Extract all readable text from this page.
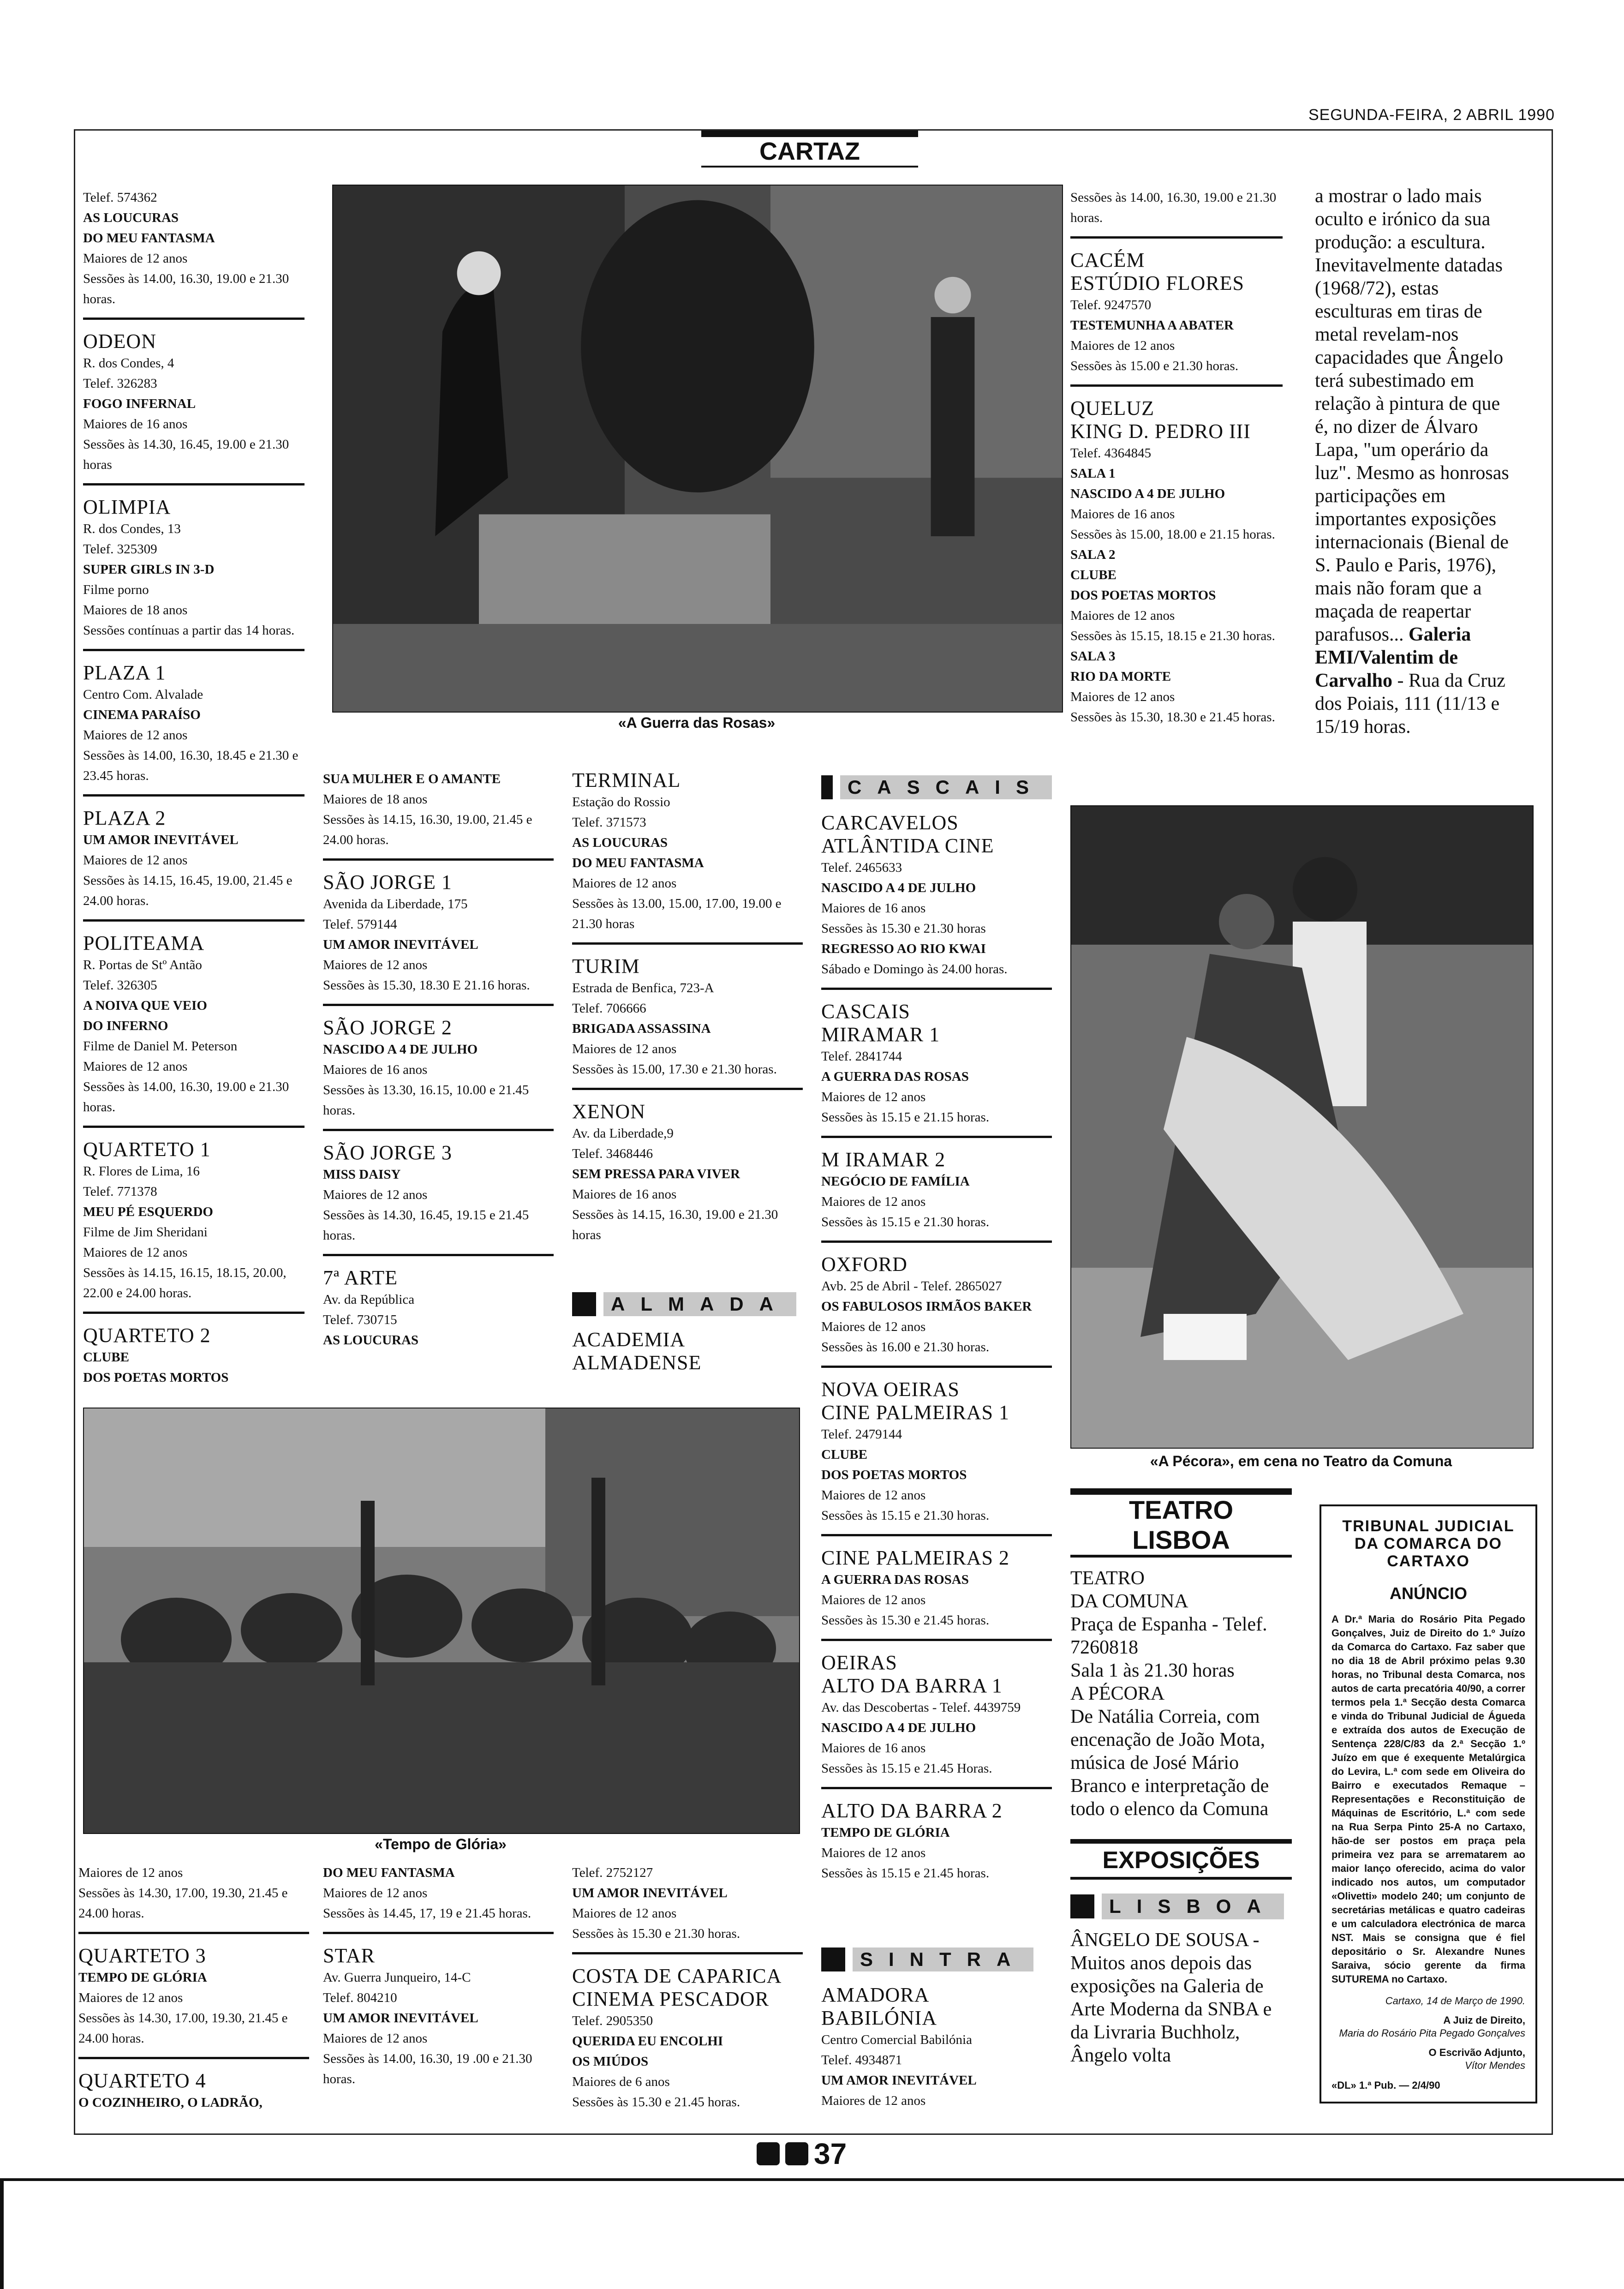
SEGUNDA-FEIRA, 2 ABRIL 1990
CARTAZ
Telef. 574362
AS LOUCURAS
DO MEU FANTASMA
Maiores de 12 anos
Sessões às 14.00, 16.30, 19.00 e 21.30 horas.
ODEON
R. dos Condes, 4
Telef. 326283
FOGO INFERNAL
Maiores de 16 anos
Sessões às 14.30, 16.45, 19.00 e 21.30 horas
OLIMPIA
R. dos Condes, 13
Telef. 325309
SUPER GIRLS IN 3-D
Filme porno
Maiores de 18 anos
Sessões contínuas a partir das 14 horas.
PLAZA 1
Centro Com. Alvalade
CINEMA PARAÍSO
Maiores de 12 anos
Sessões às 14.00, 16.30, 18.45 e 21.30 e 23.45 horas.
PLAZA 2
UM AMOR INEVITÁVEL
Maiores de 12 anos
Sessões às 14.15, 16.45, 19.00, 21.45 e 24.00 horas.
POLITEAMA
R. Portas de Stº Antão
Telef. 326305
A NOIVA QUE VEIO
DO INFERNO
Filme de Daniel M. Peterson
Maiores de 12 anos
Sessões às 14.00, 16.30, 19.00 e 21.30 horas.
QUARTETO 1
R. Flores de Lima, 16
Telef. 771378
MEU PÉ ESQUERDO
Filme de Jim Sheridani
Maiores de 12 anos
Sessões às 14.15, 16.15, 18.15, 20.00, 22.00 e 24.00 horas.
QUARTETO 2
CLUBE
DOS POETAS MORTOS
«A Guerra das Rosas»
Sessões às 14.00, 16.30, 19.00 e 21.30 horas.
CACÉM
ESTÚDIO FLORES
Telef. 9247570
TESTEMUNHA A ABATER
Maiores de 12 anos
Sessões às 15.00 e 21.30 horas.
QUELUZ
KING D. PEDRO III
Telef. 4364845
SALA 1
NASCIDO A 4 DE JULHO
Maiores de 16 anos
Sessões às 15.00, 18.00 e 21.15 horas.
SALA 2
CLUBE
DOS POETAS MORTOS
Maiores de 12 anos
Sessões às 15.15, 18.15 e 21.30 horas.
SALA 3
RIO DA MORTE
Maiores de 12 anos
Sessões às 15.30, 18.30 e 21.45 horas.
a mostrar o lado mais oculto e irónico da sua produção: a escultura. Inevitavelmente datadas (1968/72), estas esculturas em tiras de metal revelam-nos capacidades que Ângelo terá subestimado em relação à pintura de que é, no dizer de Álvaro Lapa, "um operário da luz". Mesmo as honrosas participações em importantes exposições internacionais (Bienal de S. Paulo e Paris, 1976), mais não foram que a maçada de reapertar parafusos... Galeria EMI/Valentim de Carvalho - Rua da Cruz dos Poiais, 111 (11/13 e 15/19 horas.
«A Pécora», em cena no Teatro da Comuna
SUA MULHER E O AMANTE
Maiores de 18 anos
Sessões às 14.15, 16.30, 19.00, 21.45 e 24.00 horas.
SÃO JORGE 1
Avenida da Liberdade, 175
Telef. 579144
UM AMOR INEVITÁVEL
Maiores de 12 anos
Sessões às 15.30, 18.30 E 21.16 horas.
SÃO JORGE 2
NASCIDO A 4 DE JULHO
Maiores de 16 anos
Sessões às 13.30, 16.15, 10.00 e 21.45 horas.
SÃO JORGE 3
MISS DAISY
Maiores de 12 anos
Sessões às 14.30, 16.45, 19.15 e 21.45 horas.
7ª ARTE
Av. da República
Telef. 730715
AS LOUCURAS
TERMINAL
Estação do Rossio
Telef. 371573
AS LOUCURAS
DO MEU FANTASMA
Maiores de 12 anos
Sessões às 13.00, 15.00, 17.00, 19.00 e 21.30 horas
TURIM
Estrada de Benfica, 723-A
Telef. 706666
BRIGADA ASSASSINA
Maiores de 12 anos
Sessões às 15.00, 17.30 e 21.30 horas.
XENON
Av. da Liberdade,9
Telef. 3468446
SEM PRESSA PARA VIVER
Maiores de 16 anos
Sessões às 14.15, 16.30, 19.00 e 21.30 horas
ALMADA
ACADEMIA
ALMADENSE
CASCAIS
CARCAVELOS
ATLÂNTIDA CINE
Telef. 2465633
NASCIDO A 4 DE JULHO
Maiores de 16 anos
Sessões às 15.30 e 21.30 horas
REGRESSO AO RIO KWAI
Sábado e Domingo às 24.00 horas.
CASCAIS
MIRAMAR 1
Telef. 2841744
A GUERRA DAS ROSAS
Maiores de 12 anos
Sessões às 15.15 e 21.15 horas.
M IRAMAR 2
NEGÓCIO DE FAMÍLIA
Maiores de 12 anos
Sessões às 15.15 e 21.30 horas.
OXFORD
Avb. 25 de Abril - Telef. 2865027
OS FABULOSOS IRMÃOS BAKER
Maiores de 12 anos
Sessões às 16.00 e 21.30 horas.
NOVA OEIRAS
CINE PALMEIRAS 1
Telef. 2479144
CLUBE
DOS POETAS MORTOS
Maiores de 12 anos
Sessões às 15.15 e 21.30 horas.
CINE PALMEIRAS 2
A GUERRA DAS ROSAS
Maiores de 12 anos
Sessões às 15.30 e 21.45 horas.
OEIRAS
ALTO DA BARRA 1
Av. das Descobertas - Telef. 4439759
NASCIDO A 4 DE JULHO
Maiores de 16 anos
Sessões às 15.15 e 21.45 Horas.
ALTO DA BARRA 2
TEMPO DE GLÓRIA
Maiores de 12 anos
Sessões às 15.15 e 21.45 horas.
«Tempo de Glória»
Maiores de 12 anos
Sessões às 14.30, 17.00, 19.30, 21.45 e 24.00 horas.
QUARTETO 3
TEMPO DE GLÓRIA
Maiores de 12 anos
Sessões às 14.30, 17.00, 19.30, 21.45 e 24.00 horas.
QUARTETO 4
O COZINHEIRO, O LADRÃO,
DO MEU FANTASMA
Maiores de 12 anos
Sessões às 14.45, 17, 19 e 21.45 horas.
STAR
Av. Guerra Junqueiro, 14-C
Telef. 804210
UM AMOR INEVITÁVEL
Maiores de 12 anos
Sessões às 14.00, 16.30, 19 .00 e 21.30 horas.
Telef. 2752127
UM AMOR INEVITÁVEL
Maiores de 12 anos
Sessões às 15.30 e 21.30 horas.
COSTA DE CAPARICA
CINEMA PESCADOR
Telef. 2905350
QUERIDA EU ENCOLHI
OS MIÚDOS
Maiores de 6 anos
Sessões às 15.30 e 21.45 horas.
SINTRA
AMADORA
BABILÓNIA
Centro Comercial Babilónia
Telef. 4934871
UM AMOR INEVITÁVEL
Maiores de 12 anos
TEATRO
LISBOA
TEATRO
DA COMUNA
Praça de Espanha - Telef. 7260818
Sala 1 às 21.30 horas
A PÉCORA
De Natália Correia, com encenação de João Mota, música de José Mário Branco e interpretação de todo o elenco da Comuna
EXPOSIÇÕES
LISBOA
ÂNGELO DE SOUSA -
Muitos anos depois das exposições na Galeria de Arte Moderna da SNBA e da Livraria Buchholz, Ângelo volta
TRIBUNAL JUDICIAL
DA COMARCA DO
CARTAXO
ANÚNCIO
A Dr.ª Maria do Rosário Pita Pegado Gonçalves, Juiz de Direito do 1.º Juízo da Comarca do Cartaxo. Faz saber que no dia 18 de Abril próximo pelas 9.30 horas, no Tribunal desta Comarca, nos autos de carta precatória 40/90, a correr termos pela 1.ª Secção desta Comarca e vinda do Tribunal Judicial de Águeda e extraída dos autos de Execução de Sentença 228/C/83 da 2.ª Secção 1.º Juízo em que é exequente Metalúrgica do Levira, L.ª com sede em Oliveira do Bairro e executados Remaque – Representações e Reconstituição de Máquinas de Escritório, L.ª com sede na Rua Serpa Pinto 25-A no Cartaxo, hão-de ser postos em praça pela primeira vez para se arrematarem ao maior lanço oferecido, acima do valor indicado nos autos, um computador «Olivetti» modelo 240; um conjunto de secretárias metálicas e quatro cadeiras e um calculadora electrónica de marca NST. Mais se consigna que é fiel depositário o Sr. Alexandre Nunes Saraiva, sócio gerente da firma SUTUREMA no Cartaxo.
Cartaxo, 14 de Março de 1990.
A Juiz de Direito,
Maria do Rosário Pita Pegado Gonçalves
O Escrivão Adjunto,
Vítor Mendes
«DL» 1.ª Pub. — 2/4/90
37
